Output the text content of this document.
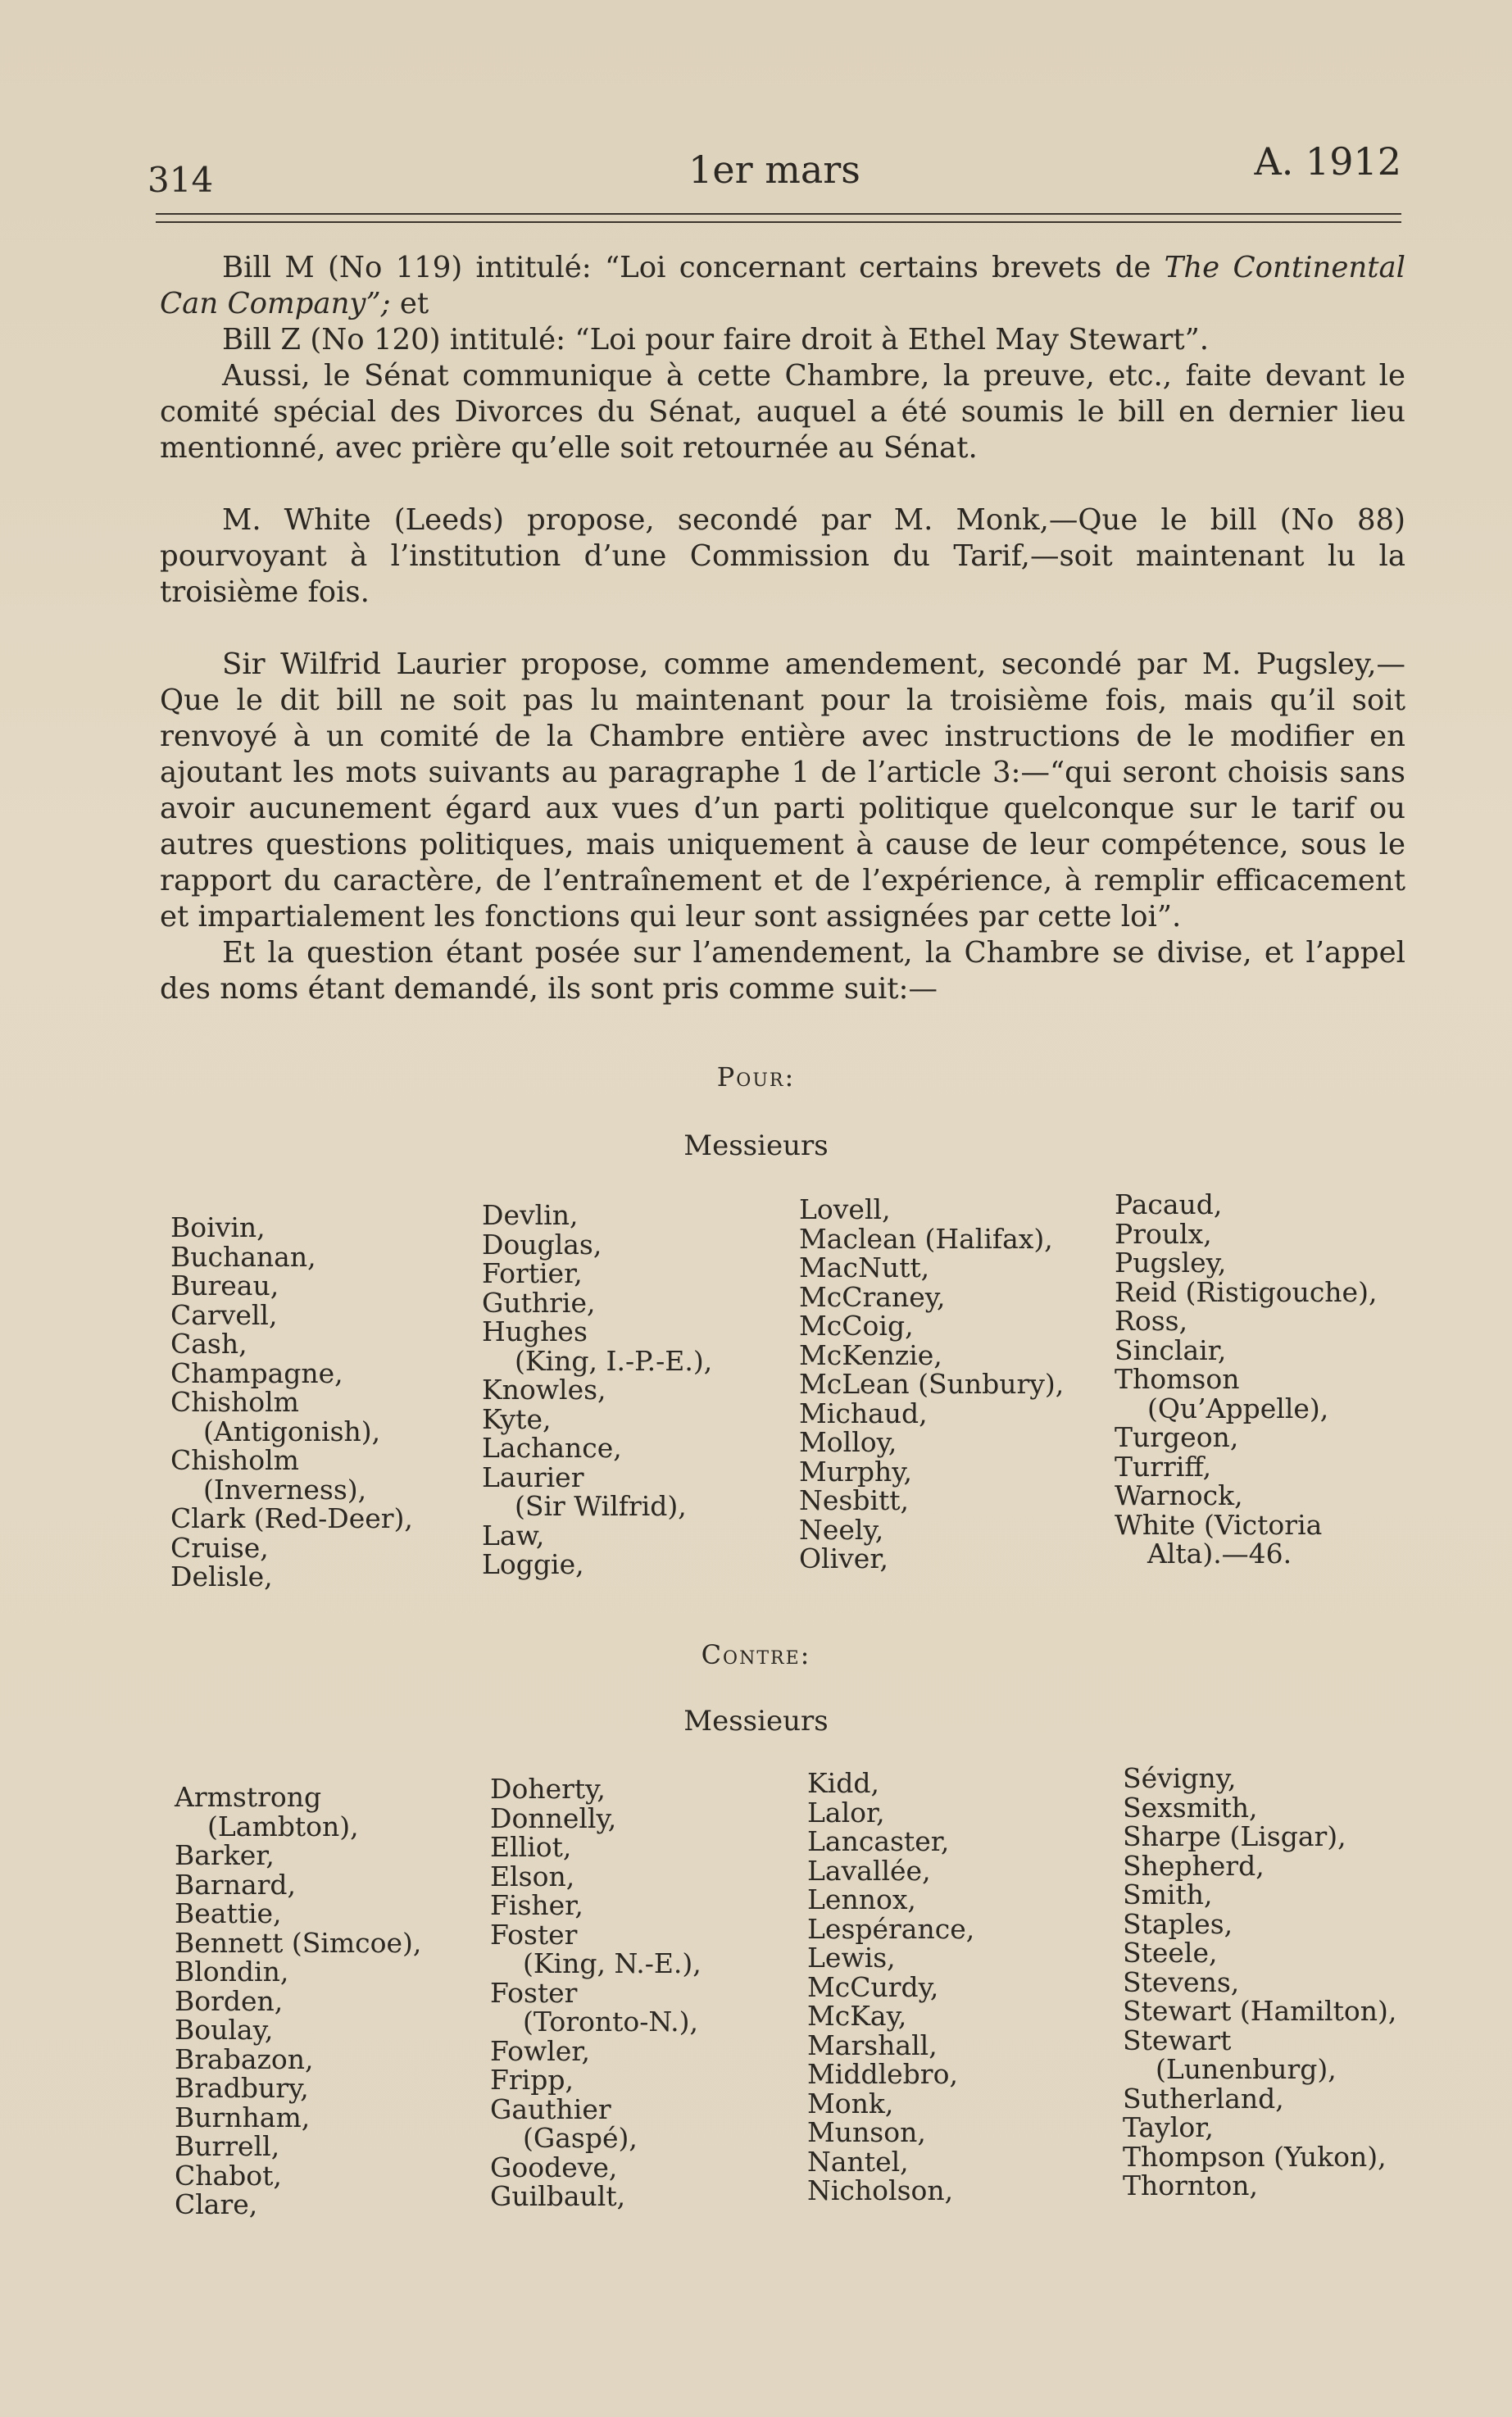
314	1er mars	A. 1912

Bill M (No 119) intitulé: “Loi concernant certains brevets de The Continental Can Company”; et

Bill Z (No 120) intitulé: “Loi pour faire droit à Ethel May Stewart”.

Aussi, le Sénat communique à cette Chambre, la preuve, etc., faite devant le comité spécial des Divorces du Sénat, auquel a été soumis le bill en dernier lieu mentionné, avec prière qu’elle soit retournée au Sénat.

M. White (Leeds) propose, secondé par M. Monk,—Que le bill (No 88) pourvoyant à l’institution d’une Commission du Tarif,—soit maintenant lu la troisième fois.

Sir Wilfrid Laurier propose, comme amendement, secondé par M. Pugsley,—Que le dit bill ne soit pas lu maintenant pour la troisième fois, mais qu’il soit renvoyé à un comité de la Chambre entière avec instructions de le modifier en ajoutant les mots suivants au paragraphe 1 de l’article 3:—“qui seront choisis sans avoir aucunement égard aux vues d’un parti politique quelconque sur le tarif ou autres questions politiques, mais uniquement à cause de leur compétence, sous le rapport du caractère, de l’entraînement et de l’expérience, à remplir efficacement et impartialement les fonctions qui leur sont assignées par cette loi”.

Et la question étant posée sur l’amendement, la Chambre se divise, et l’appel des noms étant demandé, ils sont pris comme suit:—

Pour:
Messieurs
Boivin,
Buchanan,
Bureau,
Carvell,
Cash,
Champagne,
Chisholm
(Antigonish),
Chisholm
(Inverness),
Clark (Red-Deer),
Cruise,
Delisle,
Devlin,
Douglas,
Fortier,
Guthrie,
Hughes
(King, I.-P.-E.),
Knowles,
Kyte,
Lachance,
Laurier
(Sir Wilfrid),
Law,
Loggie,
Lovell,
Maclean (Halifax),
MacNutt,
McCraney,
McCoig,
McKenzie,
McLean (Sunbury),
Michaud,
Molloy,
Murphy,
Nesbitt,
Neely,
Oliver,
Pacaud,
Proulx,
Pugsley,
Reid (Ristigouche),
Ross,
Sinclair,
Thomson
(Qu’Appelle),
Turgeon,
Turriff,
Warnock,
White (Victoria
Alta).—46.
Contre:
Messieurs
Armstrong
(Lambton),
Barker,
Barnard,
Beattie,
Bennett (Simcoe),
Blondin,
Borden,
Boulay,
Brabazon,
Bradbury,
Burnham,
Burrell,
Chabot,
Clare,
Doherty,
Donnelly,
Elliot,
Elson,
Fisher,
Foster
(King, N.-E.),
Foster
(Toronto-N.),
Fowler,
Fripp,
Gauthier
(Gaspé),
Goodeve,
Guilbault,
Kidd,
Lalor,
Lancaster,
Lavallée,
Lennox,
Lespérance,
Lewis,
McCurdy,
McKay,
Marshall,
Middlebro,
Monk,
Munson,
Nantel,
Nicholson,
Sévigny,
Sexsmith,
Sharpe (Lisgar),
Shepherd,
Smith,
Staples,
Steele,
Stevens,
Stewart (Hamilton),
Stewart
(Lunenburg),
Sutherland,
Taylor,
Thompson (Yukon),
Thornton,
